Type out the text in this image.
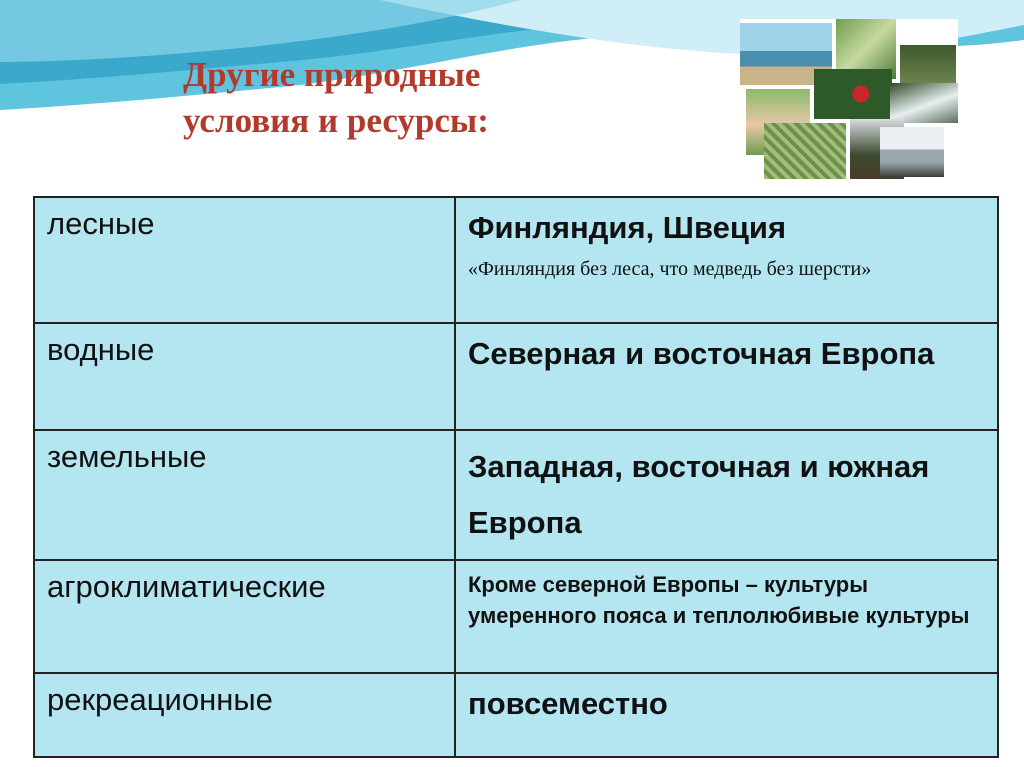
Другие природные
условия и ресурсы:
лесные	Финляндия, Швеция
«Финляндия без леса, что медведь без шерсти»

водные	Северная и восточная Европа

земельные	Западная, восточная и южная Европа

агроклиматические	Кроме северной Европы – культуры умеренного пояса и теплолюбивые культуры

рекреационные	повсеместно
